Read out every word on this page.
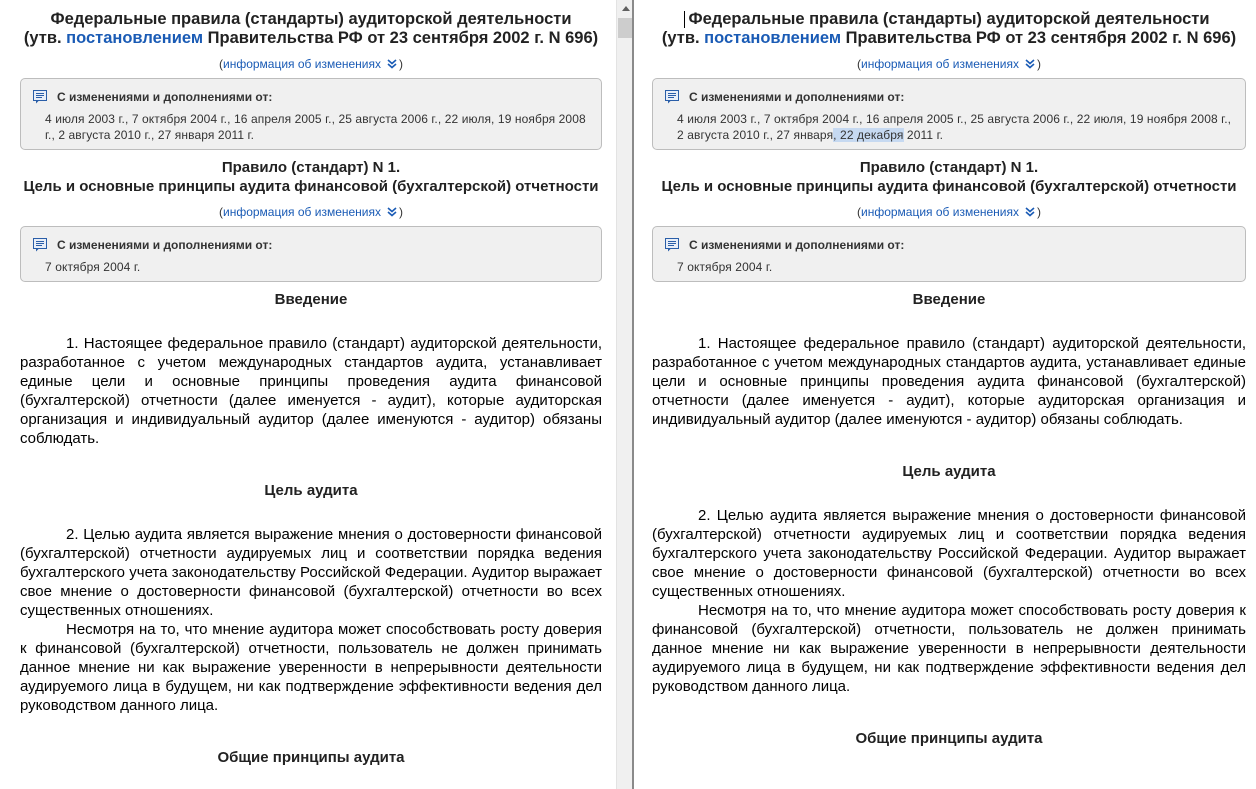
Федеральные правила (стандарты) аудиторской деятельности
(утв. постановлением Правительства РФ от 23 сентября 2002 г. N 696)
(информация об изменениях )
С изменениями и дополнениями от:
4 июля 2003 г., 7 октября 2004 г., 16 апреля 2005 г., 25 августа 2006 г., 22 июля, 19 ноября 2008 г., 2 августа 2010 г., 27 января 2011 г.
Правило (стандарт) N 1.
Цель и основные принципы аудита финансовой (бухгалтерской) отчетности
(информация об изменениях )
С изменениями и дополнениями от:
7 октября 2004 г.
Введение

1. Настоящее федеральное правило (стандарт) аудиторской деятельности, разработанное с учетом международных стандартов аудита, устанавливает единые цели и основные принципы проведения аудита финансовой (бухгалтерской) отчетности (далее именуется - аудит), которые аудиторская организация и индивидуальный аудитор (далее именуются - аудитор) обязаны соблюдать.

Цель аудита

2. Целью аудита является выражение мнения о достоверности финансовой (бухгалтерской) отчетности аудируемых лиц и соответствии порядка ведения бухгалтерского учета законодательству Российской Федерации. Аудитор выражает свое мнение о достоверности финансовой (бухгалтерской) отчетности во всех существенных отношениях.

Несмотря на то, что мнение аудитора может способствовать росту доверия к финансовой (бухгалтерской) отчетности, пользователь не должен принимать данное мнение ни как выражение уверенности в непрерывности деятельности аудируемого лица в будущем, ни как подтверждение эффективности ведения дел руководством данного лица.

Общие принципы аудита
Федеральные правила (стандарты) аудиторской деятельности
(утв. постановлением Правительства РФ от 23 сентября 2002 г. N 696)
(информация об изменениях )
С изменениями и дополнениями от:
4 июля 2003 г., 7 октября 2004 г., 16 апреля 2005 г., 25 августа 2006 г., 22 июля, 19 ноября 2008 г., 2 августа 2010 г., 27 января, 22 декабря 2011 г.
Правило (стандарт) N 1.
Цель и основные принципы аудита финансовой (бухгалтерской) отчетности
(информация об изменениях )
С изменениями и дополнениями от:
7 октября 2004 г.
Введение

1. Настоящее федеральное правило (стандарт) аудиторской деятельности, разработанное с учетом международных стандартов аудита, устанавливает единые цели и основные принципы проведения аудита финансовой (бухгалтерской) отчетности (далее именуется - аудит), которые аудиторская организация и индивидуальный аудитор (далее именуются - аудитор) обязаны соблюдать.

Цель аудита

2. Целью аудита является выражение мнения о достоверности финансовой (бухгалтерской) отчетности аудируемых лиц и соответствии порядка ведения бухгалтерского учета законодательству Российской Федерации. Аудитор выражает свое мнение о достоверности финансовой (бухгалтерской) отчетности во всех существенных отношениях.

Несмотря на то, что мнение аудитора может способствовать росту доверия к финансовой (бухгалтерской) отчетности, пользователь не должен принимать данное мнение ни как выражение уверенности в непрерывности деятельности аудируемого лица в будущем, ни как подтверждение эффективности ведения дел руководством данного лица.

Общие принципы аудита
